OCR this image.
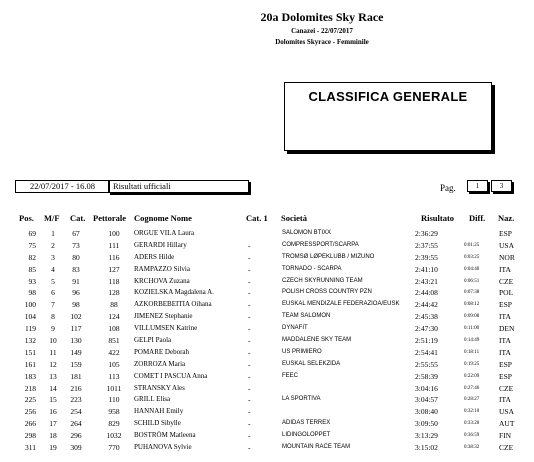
20a Dolomites Sky Race
Canazei - 22/07/2017
Dolomites Skyrace - Femminile
CLASSIFICA GENERALE
22/07/2017 - 16.08	Risultati ufficiali	Pag.	1	3
Pos. M/F Cat. Pettorale Cognome Nome	Cat. 1 Società	Risultato Diff. Naz.
69	1	67	100	ORGUE VILA Laura	SALOMON BTIXX	2:36:29	ESP
75	2	73	111	GERARDI Hillary	-	COMPRESSPORT/SCARPA	2:37:55	0:01:25	USA
82	3	80	116	ADERS Hilde	-	TROMSØ LØPEKLUBB / MIZUNO	2:39:55	0:03:25	NOR
85	4	83	127	RAMPAZZO Silvia	-	TORNADO - SCARPA	2:41:10	0:04:40	ITA
93	5	91	118	KRCHOVA Zuzana	-	CZECH SKYRUNNING TEAM	2:43:21	0:06:51	CZE
98	6	96	128	KOZIELSKA Magdalena A.	-	POLISH CROSS COUNTRY PZN	2:44:08	0:07:38	POL
100	7	98	88	AZKORBEBEITIA Oihana	-	EUSKAL MENDIZALE FEDERAZIOA/EUSK 2:44:42	0:08:12	ESP
104	8	102	124	JIMENEZ Stephanie	-	TEAM SALOMON	2:45:38	0:09:08	ITA
119	9	117	108	VILLUMSEN Katrine	-	DYNAFIT	2:47:30	0:11:00	DEN
132	10	130	851	GELPI Paola	-	MADDALENE SKY TEAM	2:51:19	0:14:49	ITA
151	11	149	422	POMARE Deborah	-	US PRIMIERO	2:54:41	0:18:11	ITA
161	12	159	105	ZORROZA Maria	-	EUSKAL SELEKZIDA	2:55:55	0:19:25	ESP
183	13	181	113	COMET I PASCUA Anna	-	FEEC	2:58:39	0:22:09	ESP
218	14	216	1011	STRANSKY Ales	-	3:04:16	0:27:46	CZE
225	15	223	110	GRILL Elisa	-	LA SPORTIVA	3:04:57	0:28:27	ITA
256	16	254	958	HANNAH Emily	-	3:08:40	0:32:10	USA
266	17	264	829	SCHILD Sibylle	-	ADIDAS TERREX	3:09:50	0:33:20	AUT
298	18	296	1032	BOSTRÖM Matleena	-	LIDINGOLOPPET	3:13:29	0:36:59	FIN
311	19	309	770	PUHANOVA Sylvie	-	MOUNTAIN RACE TEAM	3:15:02	0:38:32	CZE
